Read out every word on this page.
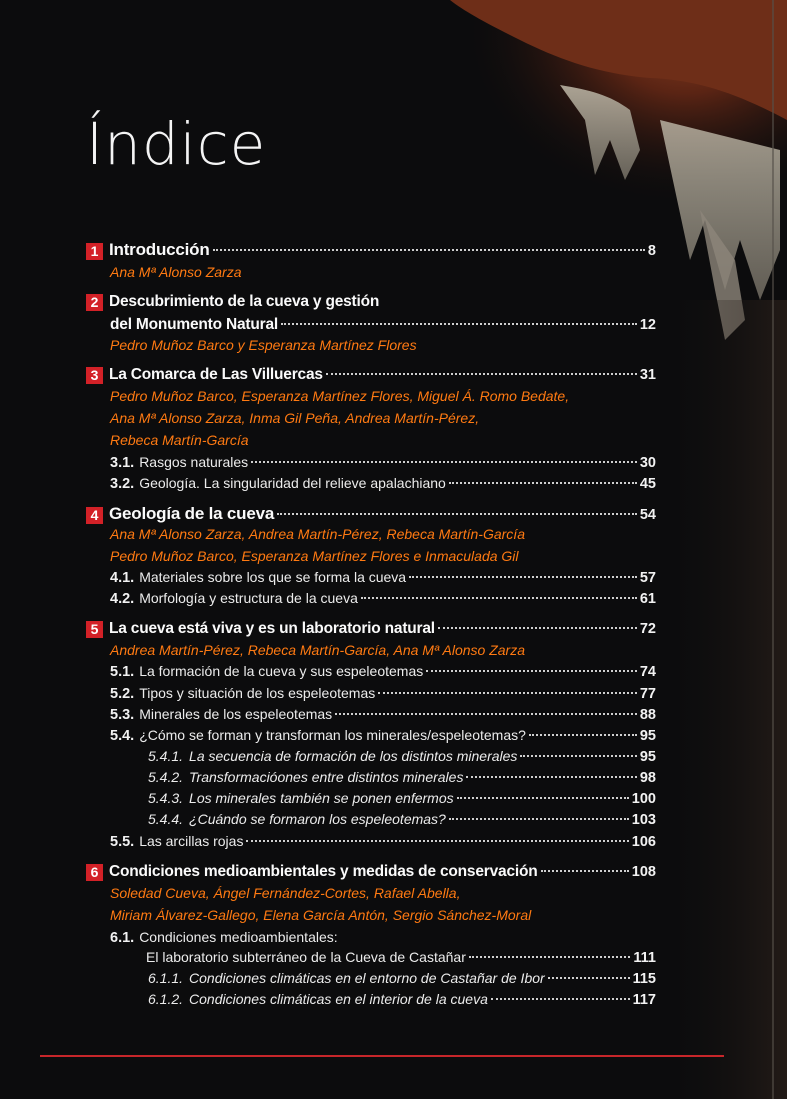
Índice
1 Introducción	8
Ana Mª Alonso Zarza
2 Descubrimiento de la cueva y gestión
del Monumento Natural	12
Pedro Muñoz Barco y Esperanza Martínez Flores
3 La Comarca de Las Villuercas	31
Pedro Muñoz Barco, Esperanza Martínez Flores, Miguel Á. Romo Bedate,
Ana Mª Alonso Zarza, Inma Gil Peña, Andrea Martín-Pérez,
Rebeca Martín-García
3.1. Rasgos naturales	30
3.2. Geología. La singularidad del relieve apalachiano	45
4 Geología de la cueva	54
Ana Mª Alonso Zarza, Andrea Martín-Pérez, Rebeca Martín-García
Pedro Muñoz Barco, Esperanza Martínez Flores e Inmaculada Gil
4.1. Materiales sobre los que se forma la cueva	57
4.2. Morfología y estructura de la cueva	61
5 La cueva está viva y es un laboratorio natural	72
Andrea Martín-Pérez, Rebeca Martín-García, Ana Mª Alonso Zarza
5.1. La formación de la cueva y sus espeleotemas	74
5.2. Tipos y situación de los espeleotemas	77
5.3. Minerales de los espeleotemas	88
5.4. ¿Cómo se forman y transforman los minerales/espeleotemas?	95
5.4.1. La secuencia de formación de los distintos minerales	95
5.4.2. Transformacióones entre distintos minerales	98
5.4.3. Los minerales también se ponen enfermos	100
5.4.4. ¿Cuándo se formaron los espeleotemas?	103
5.5. Las arcillas rojas	106
6 Condiciones medioambientales y medidas de conservación	108
Soledad Cueva, Ángel Fernández-Cortes, Rafael Abella,
Miriam Álvarez-Gallego, Elena García Antón, Sergio Sánchez-Moral
6.1. Condiciones medioambientales:
El laboratorio subterráneo de la Cueva de Castañar	111
6.1.1. Condiciones climáticas en el entorno de Castañar de Ibor	115
6.1.2. Condiciones climáticas en el interior de la cueva	117
